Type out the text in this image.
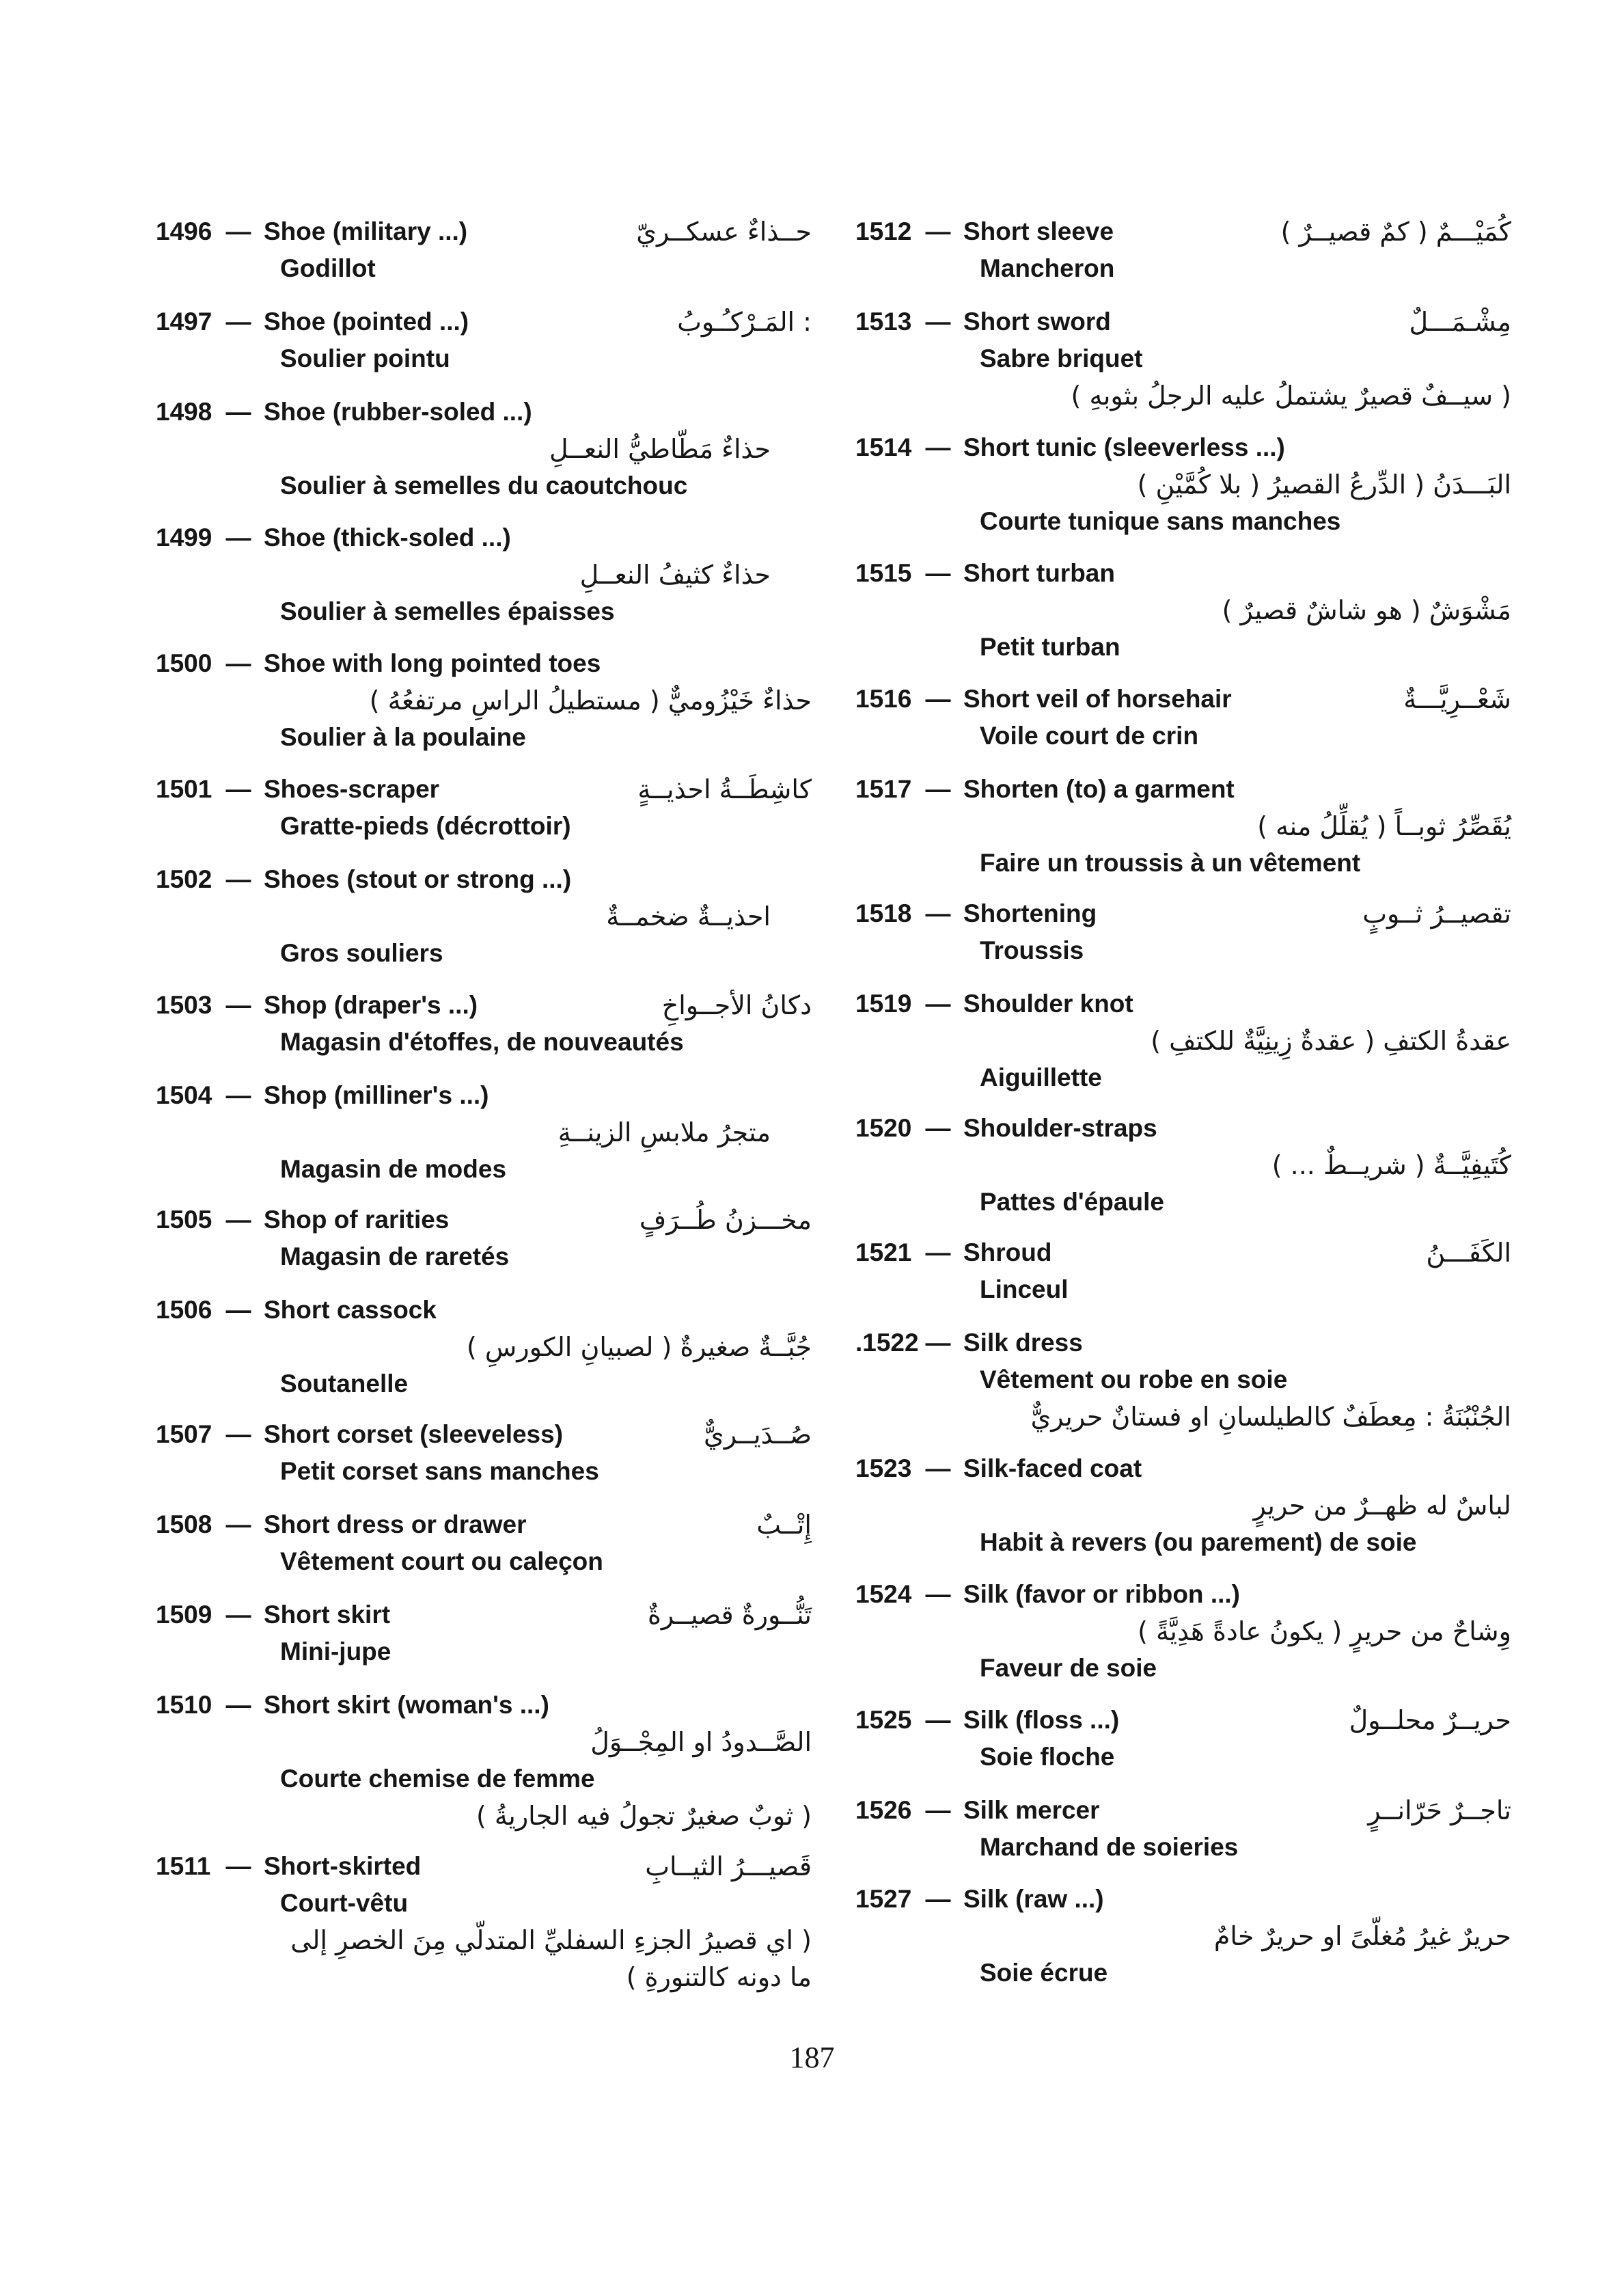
1496 — Shoe (military ...)	حــذاءٌ عسكــريّ
Godillot
1497 — Shoe (pointed ...)	: المَـرْكـُـوبُ
Soulier pointu
1498 — Shoe (rubber-soled ...)
حذاءٌ مَطّاطيُّ النعــلِ
Soulier à semelles du caoutchouc
1499 — Shoe (thick-soled ...)
حذاءٌ كثيفُ النعــلِ
Soulier à semelles épaisses
1500 — Shoe with long pointed toes
حذاءٌ خَيْزُوميٌّ ( مستطيلُ الراسِ مرتفعُهُ )
Soulier à la poulaine
1501 — Shoes-scraper	كاشِطَــةُ احذيــةٍ
Gratte-pieds (décrottoir)
1502 — Shoes (stout or strong ...)
احذيــةٌ ضخمــةٌ
Gros souliers
1503 — Shop (draper's ...)	دكانُ الأجــواخِ
Magasin d'étoffes, de nouveautés
1504 — Shop (milliner's ...)
متجرُ ملابسِ الزينــةِ
Magasin de modes
1505 — Shop of rarities	مخـــزنُ طُــرَفٍ
Magasin de raretés
1506 — Short cassock
جُبَّــةٌ صغيرةٌ ( لصبيانِ الكورسِ )
Soutanelle
1507 — Short corset (sleeveless)	صُــدَيــريٌّ
Petit corset sans manches
1508 — Short dress or drawer	إِتْــبٌ
Vêtement court ou caleçon
1509 — Short skirt	تَنُّــورةٌ قصيــرةٌ
Mini-jupe
1510 — Short skirt (woman's ...)
الصَّــدودُ او المِجْــوَلُ
Courte chemise de femme
( ثوبٌ صغيرٌ تجولُ فيه الجاريةُ )
1511 — Short-skirted	قَصيـــرُ الثيــابِ
Court-vêtu
( اي قصيرُ الجزءِ السفليِّ المتدلّي مِنَ الخصرِ إلى
ما دونه كالتنورةِ )
1512 — Short sleeve	كُمَيْـــمٌ ( كمٌ قصيــرٌ )
Mancheron
1513 — Short sword	مِشْـمَـــلٌ
Sabre briquet
( سيــفٌ قصيرٌ يشتملُ عليه الرجلُ بثوبهِ )
1514 — Short tunic (sleeverless ...)
البَـــدَنُ ( الدِّرعُ القصيرُ ( بلا كُمَّيْنِ )
Courte tunique sans manches
1515 — Short turban
مَشْوَشٌ ( هو شاشٌ قصيرٌ )
Petit turban
1516 — Short veil of horsehair	شَعْــرِيَّـــةٌ
Voile court de crin
1517 — Shorten (to) a garment
يُقَصِّرُ ثوبــاً ( يُقلِّلُ منه )
Faire un troussis à un vêtement
1518 — Shortening	تقصيــرُ ثــوبٍ
Troussis
1519 — Shoulder knot
عقدةُ الكتفِ ( عقدةٌ زِينِيَّةٌ للكتفِ )
Aiguillette
1520 — Shoulder-straps
كُتَيفِيَّــةٌ ( شريــطٌ ... )
Pattes d'épaule
1521 — Shroud	الكَفَـــنُ
Linceul
.1522 — Silk dress
Vêtement ou robe en soie
الجُنْبُنَةُ : مِعطَفٌ كالطيلسانِ او فستانٌ حريريٌّ
1523 — Silk-faced coat
لباسٌ له ظهــرٌ من حريرٍ
Habit à revers (ou parement) de soie
1524 — Silk (favor or ribbon ...)
وِشاحٌ من حريرٍ ( يكونُ عادةً هَدِيَّةً )
Faveur de soie
1525 — Silk (floss ...)	حريــرٌ محلــولٌ
Soie floche
1526 — Silk mercer	تاجــرٌ حَرّانــرٍ
Marchand de soieries
1527 — Silk (raw ...)
حريرٌ غيرُ مُغلّىً او حريرٌ خامٌ
Soie écrue
187
